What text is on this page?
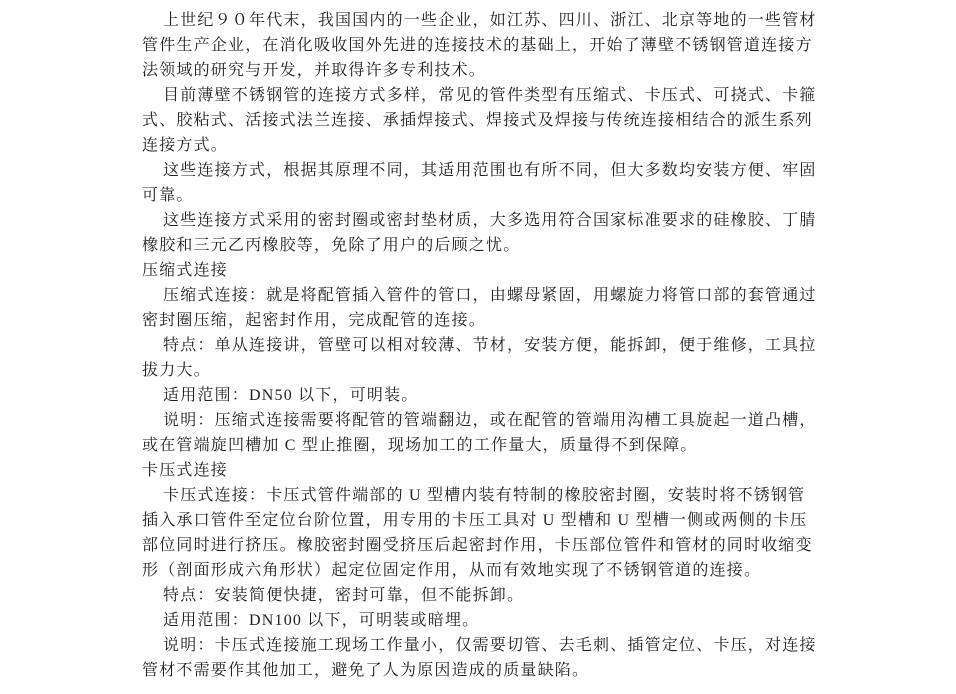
上世纪９０年代末，我国国内的一些企业，如江苏、四川、浙江、北京等地的一些管材管件生产企业，在消化吸收国外先进的连接技术的基础上，开始了薄壁不锈钢管道连接方法领域的研究与开发，并取得许多专利技术。

目前薄壁不锈钢管的连接方式多样，常见的管件类型有压缩式、卡压式、可挠式、卡箍式、胶粘式、活接式法兰连接、承插焊接式、焊接式及焊接与传统连接相结合的派生系列连接方式。

这些连接方式，根据其原理不同，其适用范围也有所不同，但大多数均安装方便、牢固可靠。

这些连接方式采用的密封圈或密封垫材质，大多选用符合国家标准要求的硅橡胶、丁腈橡胶和三元乙丙橡胶等，免除了用户的后顾之忧。

压缩式连接

压缩式连接：就是将配管插入管件的管口，由螺母紧固，用螺旋力将管口部的套管通过密封圈压缩，起密封作用，完成配管的连接。

特点：单从连接讲，管壁可以相对较薄、节材，安装方便，能拆卸，便于维修，工具拉拔力大。

适用范围：DN50 以下，可明装。

说明：压缩式连接需要将配管的管端翻边，或在配管的管端用沟槽工具旋起一道凸槽，或在管端旋凹槽加 C 型止推圈，现场加工的工作量大，质量得不到保障。

卡压式连接

卡压式连接：卡压式管件端部的 U 型槽内装有特制的橡胶密封圈，安装时将不锈钢管插入承口管件至定位台阶位置，用专用的卡压工具对 U 型槽和 U 型槽一侧或两侧的卡压部位同时进行挤压。橡胶密封圈受挤压后起密封作用，卡压部位管件和管材的同时收缩变形（剖面形成六角形状）起定位固定作用，从而有效地实现了不锈钢管道的连接。

特点：安装简便快捷，密封可靠，但不能拆卸。

适用范围：DN100 以下，可明装或暗埋。

说明：卡压式连接施工现场工作量小，仅需要切管、去毛刺、插管定位、卡压，对连接管材不需要作其他加工，避免了人为原因造成的质量缺陷。
